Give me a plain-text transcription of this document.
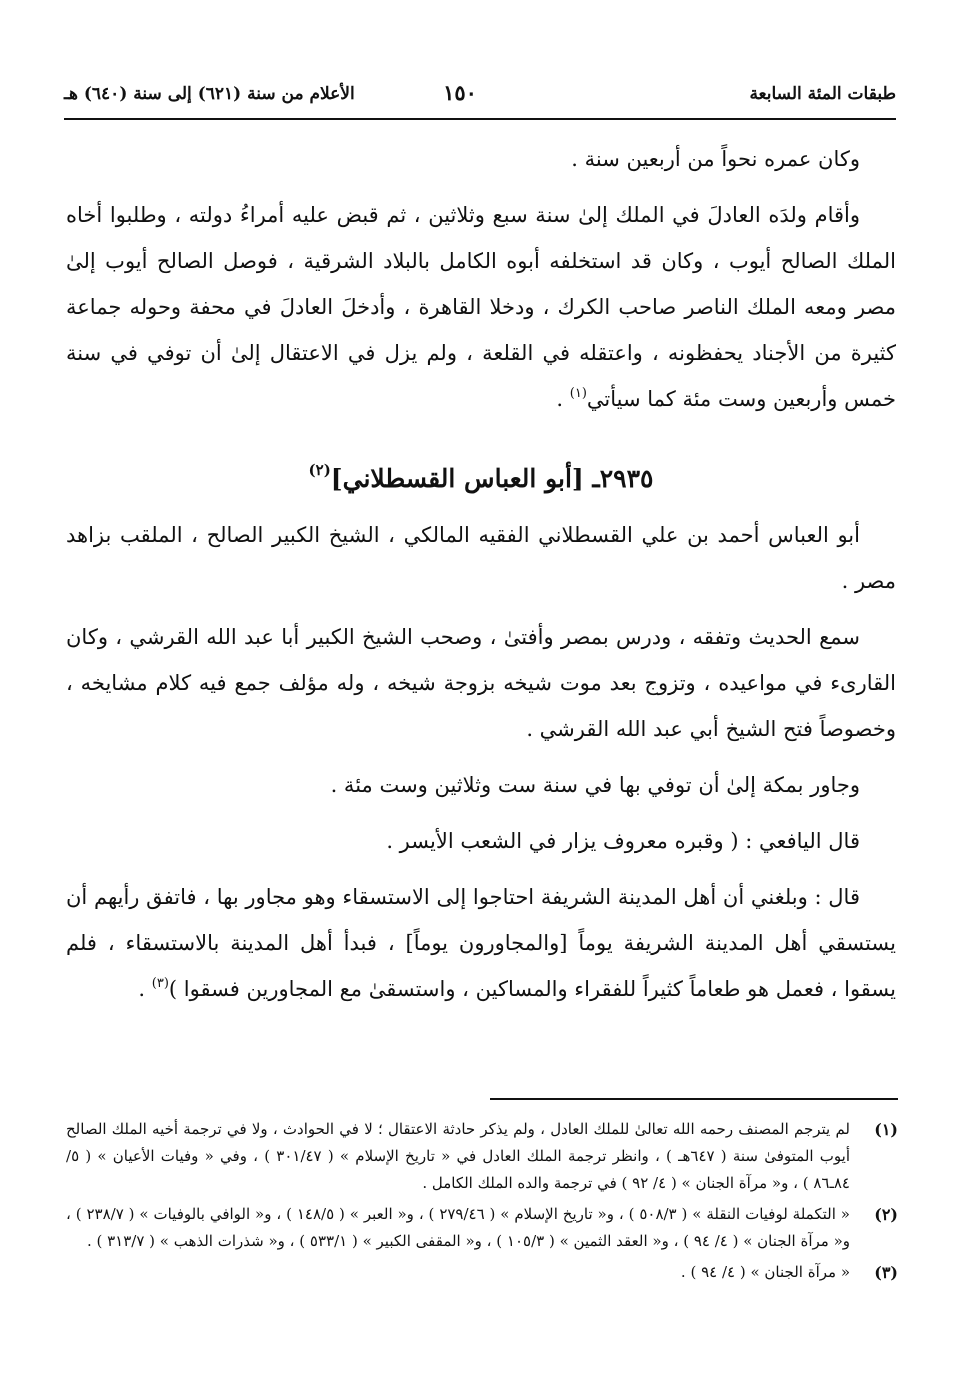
طبقات المئة السابعة
١٥٠
الأعلام من سنة (٦٢١) إلى سنة (٦٤٠) هـ

وكان عمره نحواً من أربعين سنة .

وأقام ولدَه العادلَ في الملك إلىٰ سنة سبع وثلاثين ، ثم قبض عليه أمراءُ دولته ، وطلبوا أخاه الملك الصالح أيوب ، وكان قد استخلفه أبوه الكامل بالبلاد الشرقية ، فوصل الصالح أيوب إلىٰ مصر ومعه الملك الناصر صاحب الكرك ، ودخلا القاهرة ، وأدخلَ العادلَ في محفة وحوله جماعة كثيرة من الأجناد يحفظونه ، واعتقله في القلعة ، ولم يزل في الاعتقال إلىٰ أن توفي في سنة خمس وأربعين وست مئة كما سيأتي$^{(١)}$ .

٢٩٣٥ـ [أبو العباس القسطلاني]$^{(٢)}$

أبو العباس أحمد بن علي القسطلاني الفقيه المالكي ، الشيخ الكبير الصالح ، الملقب بزاهد مصر .

سمع الحديث وتفقه ، ودرس بمصر وأفتىٰ ، وصحب الشيخ الكبير أبا عبد الله القرشي ، وكان القارىء في مواعيده ، وتزوج بعد موت شيخه بزوجة شيخه ، وله مؤلف جمع فيه كلام مشايخه ، وخصوصاً فتح الشيخ أبي عبد الله القرشي .

وجاور بمكة إلىٰ أن توفي بها في سنة ست وثلاثين وست مئة .

قال اليافعي : ( وقبره معروف يزار في الشعب الأيسر .

قال : وبلغني أن أهل المدينة الشريفة احتاجوا إلى الاستسقاء وهو مجاور بها ، فاتفق رأيهم أن يستسقي أهل المدينة الشريفة يوماً [والمجاورون يوماً] ، فبدأ أهل المدينة بالاستسقاء ، فلم يسقوا ، فعمل هو طعاماً كثيراً للفقراء والمساكين ، واستسقىٰ مع المجاورين فسقوا )$^{(٣)}$ .

(١)
لم يترجم المصنف رحمه الله تعالىٰ للملك العادل ، ولم يذكر حادثة الاعتقال ؛ لا في الحوادث ، ولا في ترجمة أخيه الملك الصالح أيوب المتوفىٰ سنة ( ٦٤٧هـ ) ، وانظر ترجمة الملك العادل في « تاريخ الإسلام » ( ٣٠١/٤٧ ) ، وفي « وفيات الأعيان » ( ٥/ ٨٤ـ٨٦ ) ، و« مرآة الجنان » ( ٤/ ٩٢ ) في ترجمة والده الملك الكامل .
(٢)
« التكملة لوفيات النقلة » ( ٥٠٨/٣ ) ، و« تاريخ الإسلام » ( ٢٧٩/٤٦ ) ، و« العبر » ( ١٤٨/٥ ) ، و« الوافي بالوفيات » ( ٢٣٨/٧ ) ، و« مرآة الجنان » ( ٤/ ٩٤ ) ، و« العقد الثمين » ( ١٠٥/٣ ) ، و« المقفى الكبير » ( ٥٣٣/١ ) ، و« شذرات الذهب » ( ٣١٣/٧ ) .
(٣)
« مرآة الجنان » ( ٤/ ٩٤ ) .
